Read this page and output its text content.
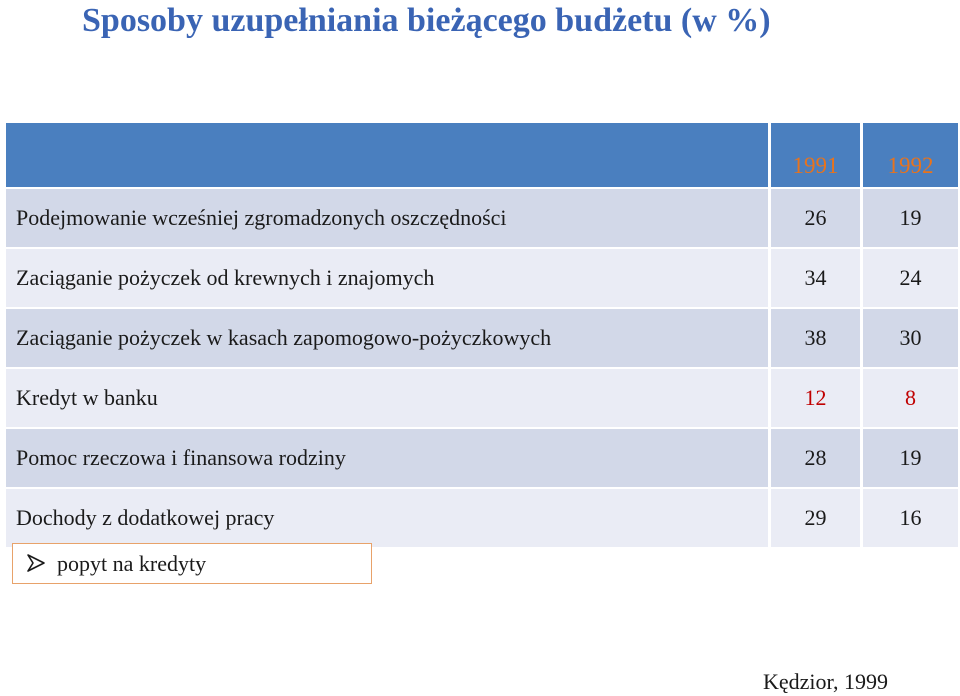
Sposoby uzupełniania bieżącego budżetu (w %)
	1991	1992
Podejmowanie wcześniej zgromadzonych oszczędności	26	19
Zaciąganie pożyczek od krewnych i znajomych	34	24
Zaciąganie pożyczek w kasach zapomogowo-pożyczkowych	38	30
Kredyt w banku	12	8
Pomoc rzeczowa i finansowa rodziny	28	19
Dochody z dodatkowej pracy	29	16
popyt na kredyty
Kędzior, 1999
